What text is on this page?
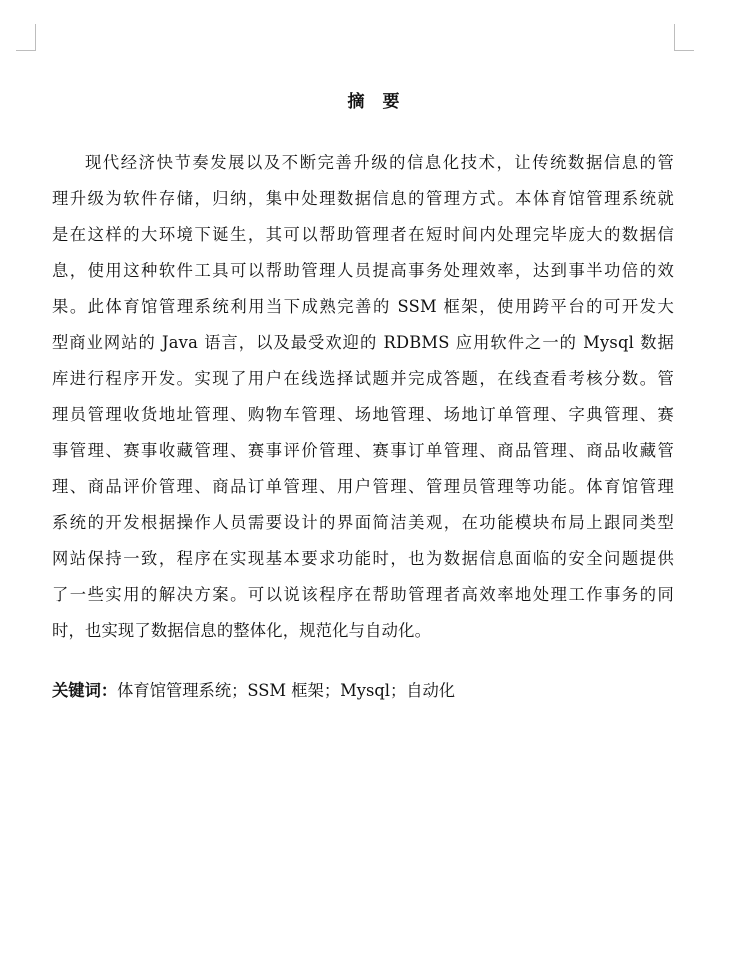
摘要
现代经济快节奏发展以及不断完善升级的信息化技术，让传统数据信息的管
理升级为软件存储，归纳，集中处理数据信息的管理方式。本体育馆管理系统就
是在这样的大环境下诞生，其可以帮助管理者在短时间内处理完毕庞大的数据信
息，使用这种软件工具可以帮助管理人员提高事务处理效率，达到事半功倍的效
果。此体育馆管理系统利用当下成熟完善的 SSM 框架，使用跨平台的可开发大
型商业网站的 Java 语言，以及最受欢迎的 RDBMS 应用软件之一的 Mysql 数据
库进行程序开发。实现了用户在线选择试题并完成答题，在线查看考核分数。管
理员管理收货地址管理、购物车管理、场地管理、场地订单管理、字典管理、赛
事管理、赛事收藏管理、赛事评价管理、赛事订单管理、商品管理、商品收藏管
理、商品评价管理、商品订单管理、用户管理、管理员管理等功能。体育馆管理
系统的开发根据操作人员需要设计的界面简洁美观，在功能模块布局上跟同类型
网站保持一致，程序在实现基本要求功能时，也为数据信息面临的安全问题提供
了一些实用的解决方案。可以说该程序在帮助管理者高效率地处理工作事务的同
时，也实现了数据信息的整体化，规范化与自动化。
关键词：体育馆管理系统；SSM 框架；Mysql；自动化
